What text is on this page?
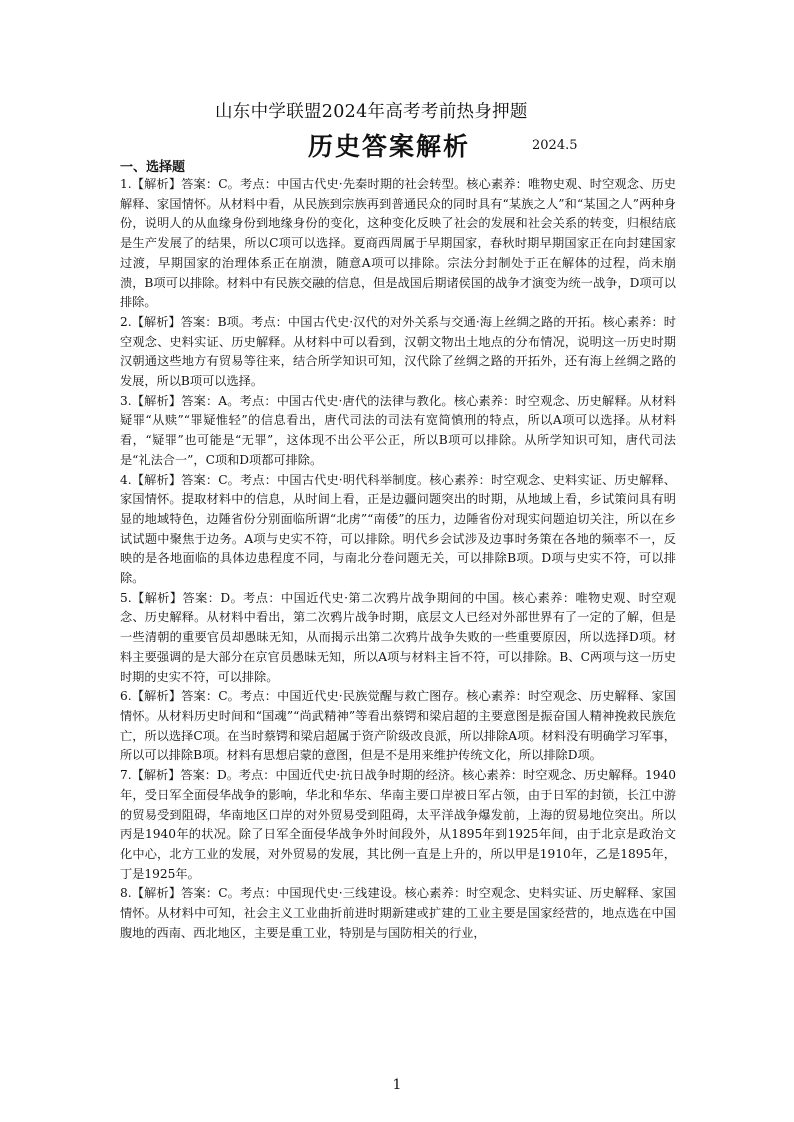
山东中学联盟2024年高考考前热身押题
历史答案解析	2024.5
一、选择题

1.【解析】答案：C。考点：中国古代史·先秦时期的社会转型。核心素养：唯物史观、时空观念、历史解释、家国情怀。从材料中看，从民族到宗族再到普通民众的同时具有“某族之人”和“某国之人”两种身份，说明人的从血缘身份到地缘身份的变化，这种变化反映了社会的发展和社会关系的转变，归根结底是生产发展了的结果，所以C项可以选择。夏商西周属于早期国家，春秋时期早期国家正在向封建国家过渡，早期国家的治理体系正在崩溃，随意A项可以排除。宗法分封制处于正在解体的过程，尚未崩溃，B项可以排除。材料中有民族交融的信息，但是战国后期诸侯国的战争才演变为统一战争，D项可以排除。

2.【解析】答案：B项。考点：中国古代史·汉代的对外关系与交通·海上丝绸之路的开拓。核心素养：时空观念、史料实证、历史解释。从材料中可以看到，汉朝文物出土地点的分布情况，说明这一历史时期汉朝通这些地方有贸易等往来，结合所学知识可知，汉代除了丝绸之路的开拓外，还有海上丝绸之路的发展，所以B项可以选择。

3.【解析】答案：A。考点：中国古代史·唐代的法律与教化。核心素养：时空观念、历史解释。从材料疑罪“从赎”“罪疑惟轻”的信息看出，唐代司法的司法有宽简慎刑的特点，所以A项可以选择。从材料看，“疑罪”也可能是“无罪”，这体现不出公平公正，所以B项可以排除。从所学知识可知，唐代司法是“礼法合一”，C项和D项都可排除。

4.【解析】答案：C。考点：中国古代史·明代科举制度。核心素养：时空观念、史料实证、历史解释、家国情怀。提取材料中的信息，从时间上看，正是边疆问题突出的时期，从地域上看，乡试策问具有明显的地域特色，边陲省份分别面临所谓“北虏”“南倭”的压力，边陲省份对现实问题迫切关注，所以在乡试试题中聚焦于边务。A项与史实不符，可以排除。明代乡会试涉及边事时务策在各地的频率不一，反映的是各地面临的具体边患程度不同，与南北分卷问题无关，可以排除B项。D项与史实不符，可以排除。

5.【解析】答案：D。考点：中国近代史·第二次鸦片战争期间的中国。核心素养：唯物史观、时空观念、历史解释。从材料中看出，第二次鸦片战争时期，底层文人已经对外部世界有了一定的了解，但是一些清朝的重要官员却愚昧无知，从而揭示出第二次鸦片战争失败的一些重要原因，所以选择D项。材料主要强调的是大部分在京官员愚昧无知，所以A项与材料主旨不符，可以排除。B、C两项与这一历史时期的史实不符，可以排除。

6.【解析】答案：C。考点：中国近代史·民族觉醒与救亡图存。核心素养：时空观念、历史解释、家国情怀。从材料历史时间和“国魂”“尚武精神”等看出蔡锷和梁启超的主要意图是振奋国人精神挽救民族危亡，所以选择C项。在当时蔡锷和梁启超属于资产阶级改良派，所以排除A项。材料没有明确学习军事，所以可以排除B项。材料有思想启蒙的意图，但是不是用来维护传统文化，所以排除D项。

7.【解析】答案：D。考点：中国近代史·抗日战争时期的经济。核心素养：时空观念、历史解释。1940年，受日军全面侵华战争的影响，华北和华东、华南主要口岸被日军占领，由于日军的封锁，长江中游的贸易受到阻碍，华南地区口岸的对外贸易受到阻碍，太平洋战争爆发前，上海的贸易地位突出。所以丙是1940年的状况。除了日军全面侵华战争外时间段外，从1895年到1925年间，由于北京是政治文化中心，北方工业的发展，对外贸易的发展，其比例一直是上升的，所以甲是1910年，乙是1895年，丁是1925年。

8.【解析】答案：C。考点：中国现代史·三线建设。核心素养：时空观念、史料实证、历史解释、家国情怀。从材料中可知，社会主义工业曲折前进时期新建或扩建的工业主要是国家经营的，地点选在中国腹地的西南、西北地区，主要是重工业，特别是与国防相关的行业，

1
